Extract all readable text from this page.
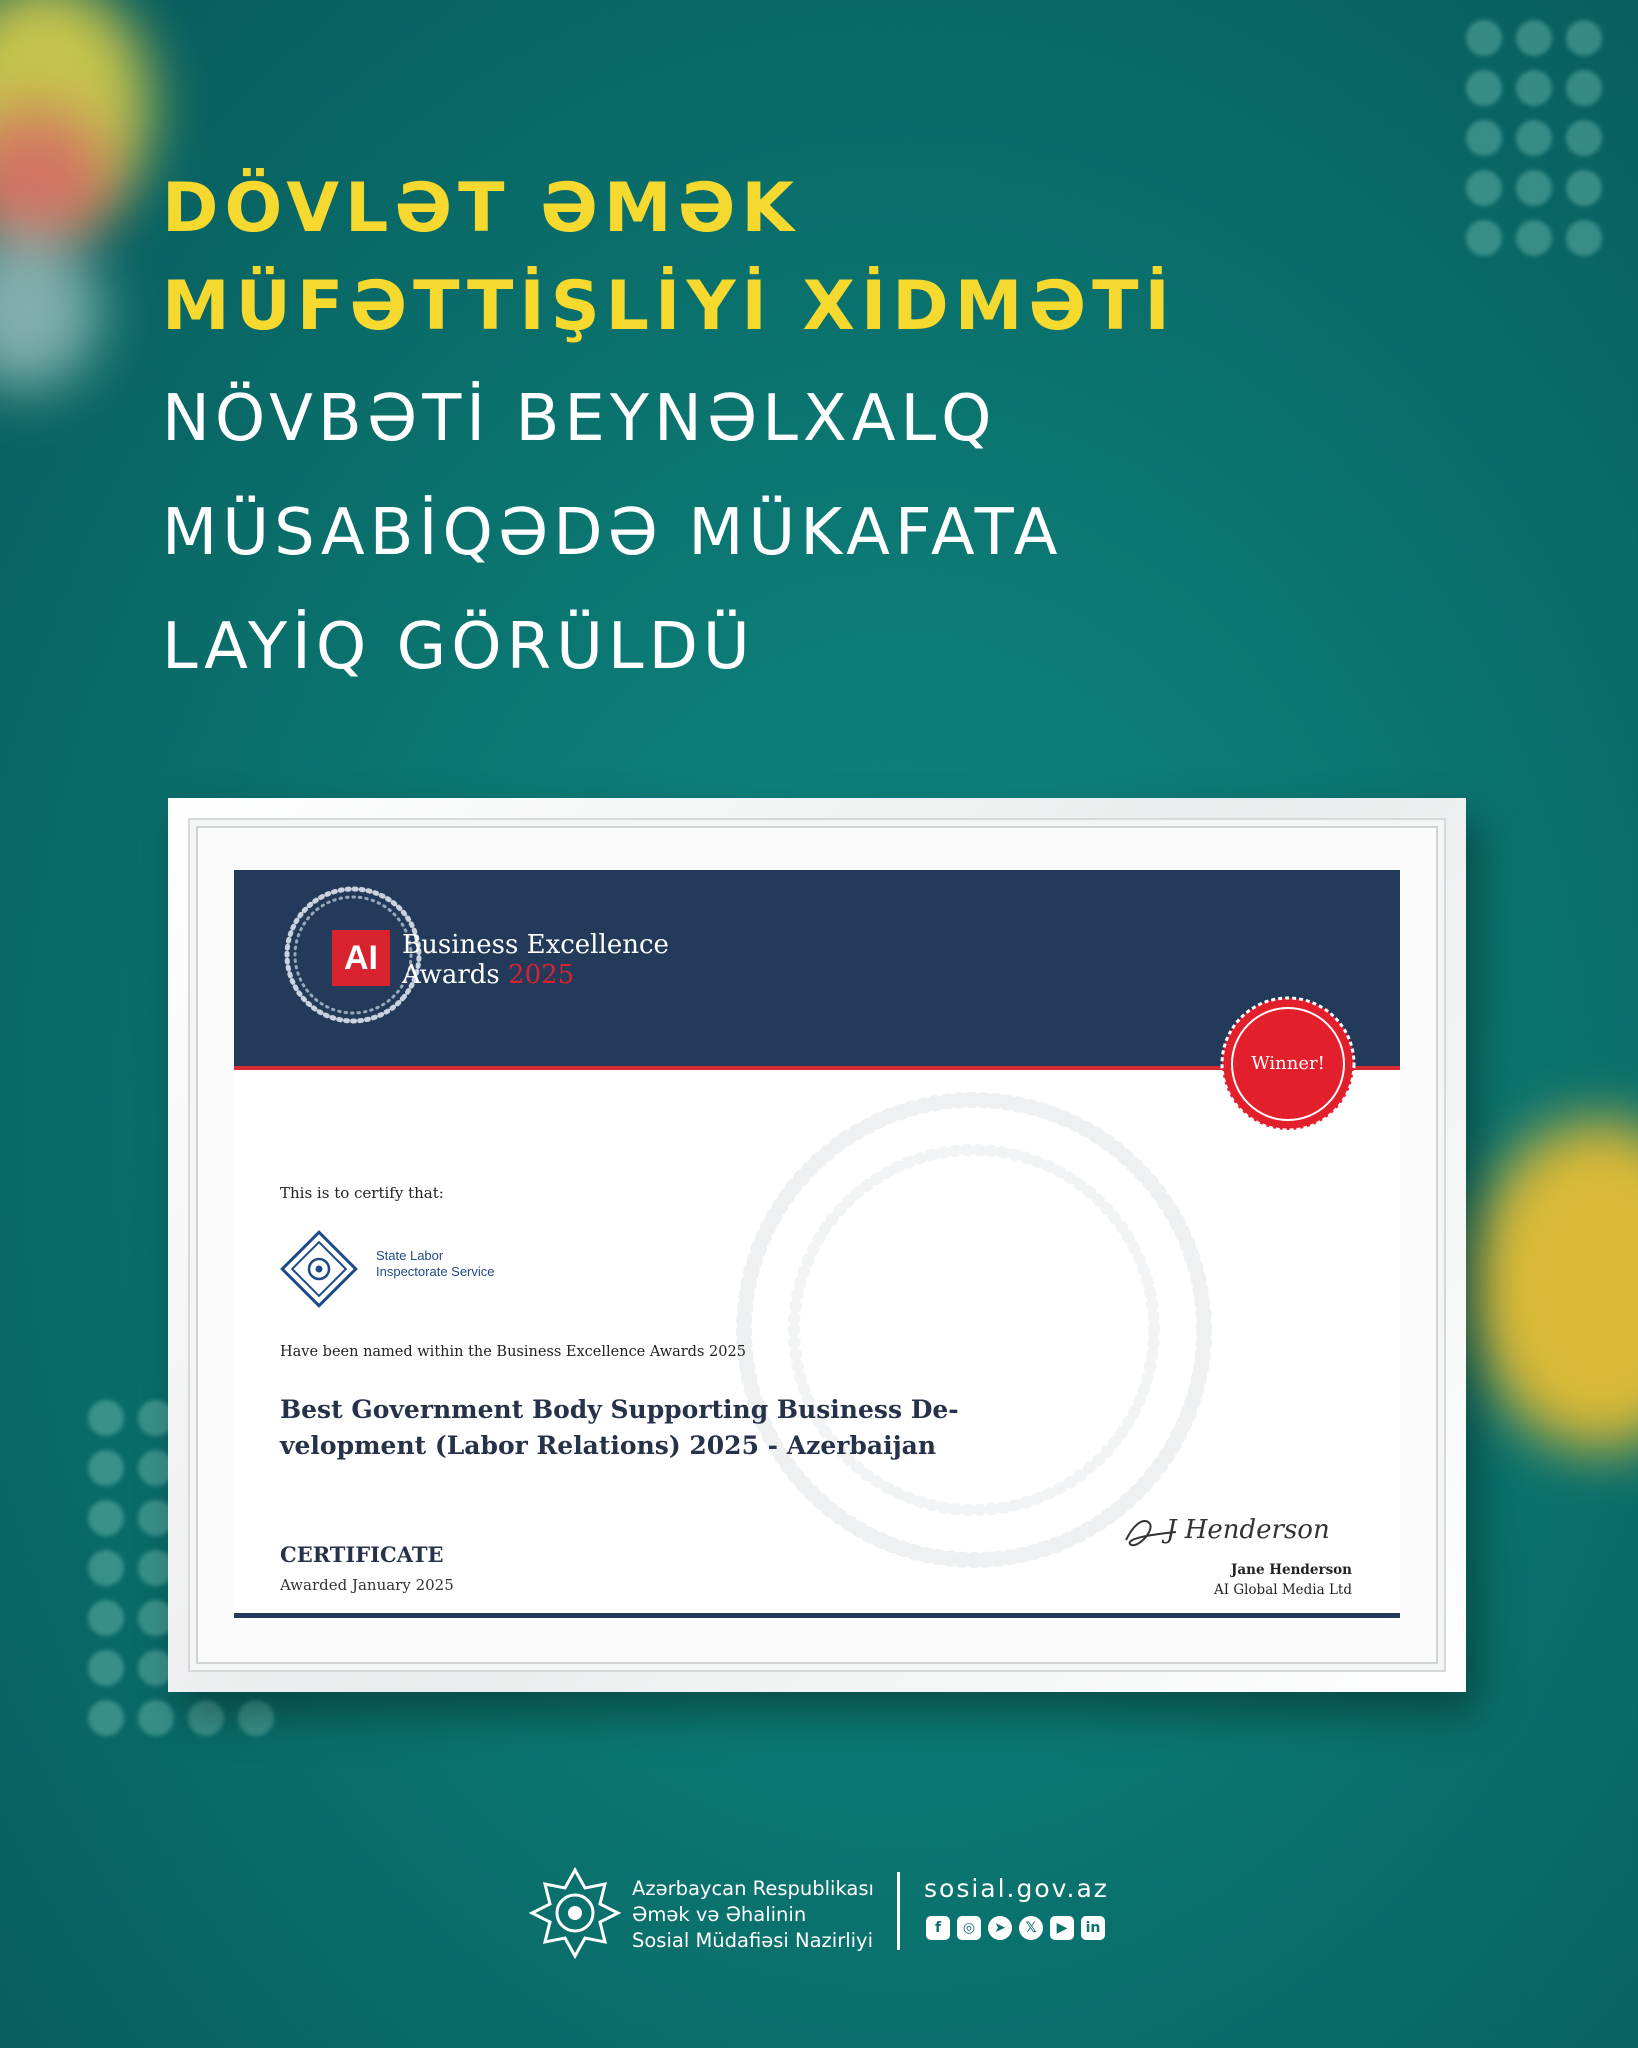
DÖVLƏT ƏMƏK
MÜFƏTTİŞLİYİ XİDMƏTİ
NÖVBƏTİ BEYNƏLXALQ
MÜSABİQƏDƏ MÜKAFATA
LAYİQ GÖRÜLDÜ
AI Business Excellence
Awards 2025
Winner!
This is to certify that:
State Labor Inspectorate Service
Have been named within the Business Excellence Awards 2025
Best Government Body Supporting Business De-velopment (Labor Relations) 2025 - Azerbaijan
CERTIFICATE
Awarded January 2025
J Henderson
Jane Henderson
AI Global Media Ltd
Azərbaycan Respublikası
Əmək və Əhalinin
Sosial Müdafiəsi Nazirliyi
sosial.gov.az
f	◎	➤	𝕏	▶	in
